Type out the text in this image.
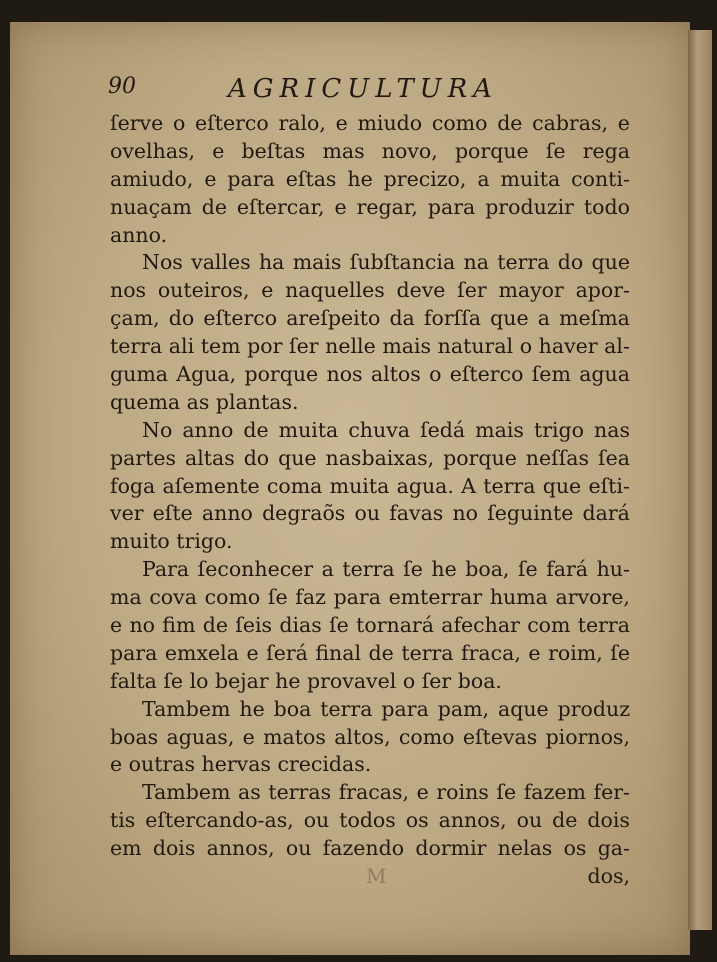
90	AGRICULTURA
ſerve o eſterco ralo, e miudo como de cabras, e
ovelhas, e beſtas mas novo, porque ſe rega
amiudo, e para eſtas he precizo, a muita conti-
nuaçam de eſtercar, e regar, para produzir todo
anno.
Nos valles ha mais ſubſtancia na terra do que
nos outeiros, e naquelles deve ſer mayor apor-
çam, do eſterco areſpeito da forſſa que a meſma
terra ali tem por ſer nelle mais natural o haver al-
guma Agua, porque nos altos o eſterco ſem agua
quema as plantas.
No anno de muita chuva ſedá mais trigo nas
partes altas do que nasbaixas, porque neſſas ſea
foga aſemente coma muita agua. A terra que eſti-
ver eſte anno degraõs ou favas no ſeguinte dará
muito trigo.
Para ſeconhecer a terra ſe he boa, ſe fará hu-
ma cova como ſe faz para emterrar huma arvore,
e no fim de ſeis dias ſe tornará afechar com terra
para emxela e ſerá final de terra fraca, e roim, ſe
falta ſe lo bejar he provavel o ſer boa.
Tambem he boa terra para pam, aque produz
boas aguas, e matos altos, como eſtevas piornos,
e outras hervas crecidas.
Tambem as terras fracas, e roins ſe fazem fer-
tis eſtercando-as, ou todos os annos, ou de dois
em dois annos, ou fazendo dormir nelas os ga-
M	dos,
